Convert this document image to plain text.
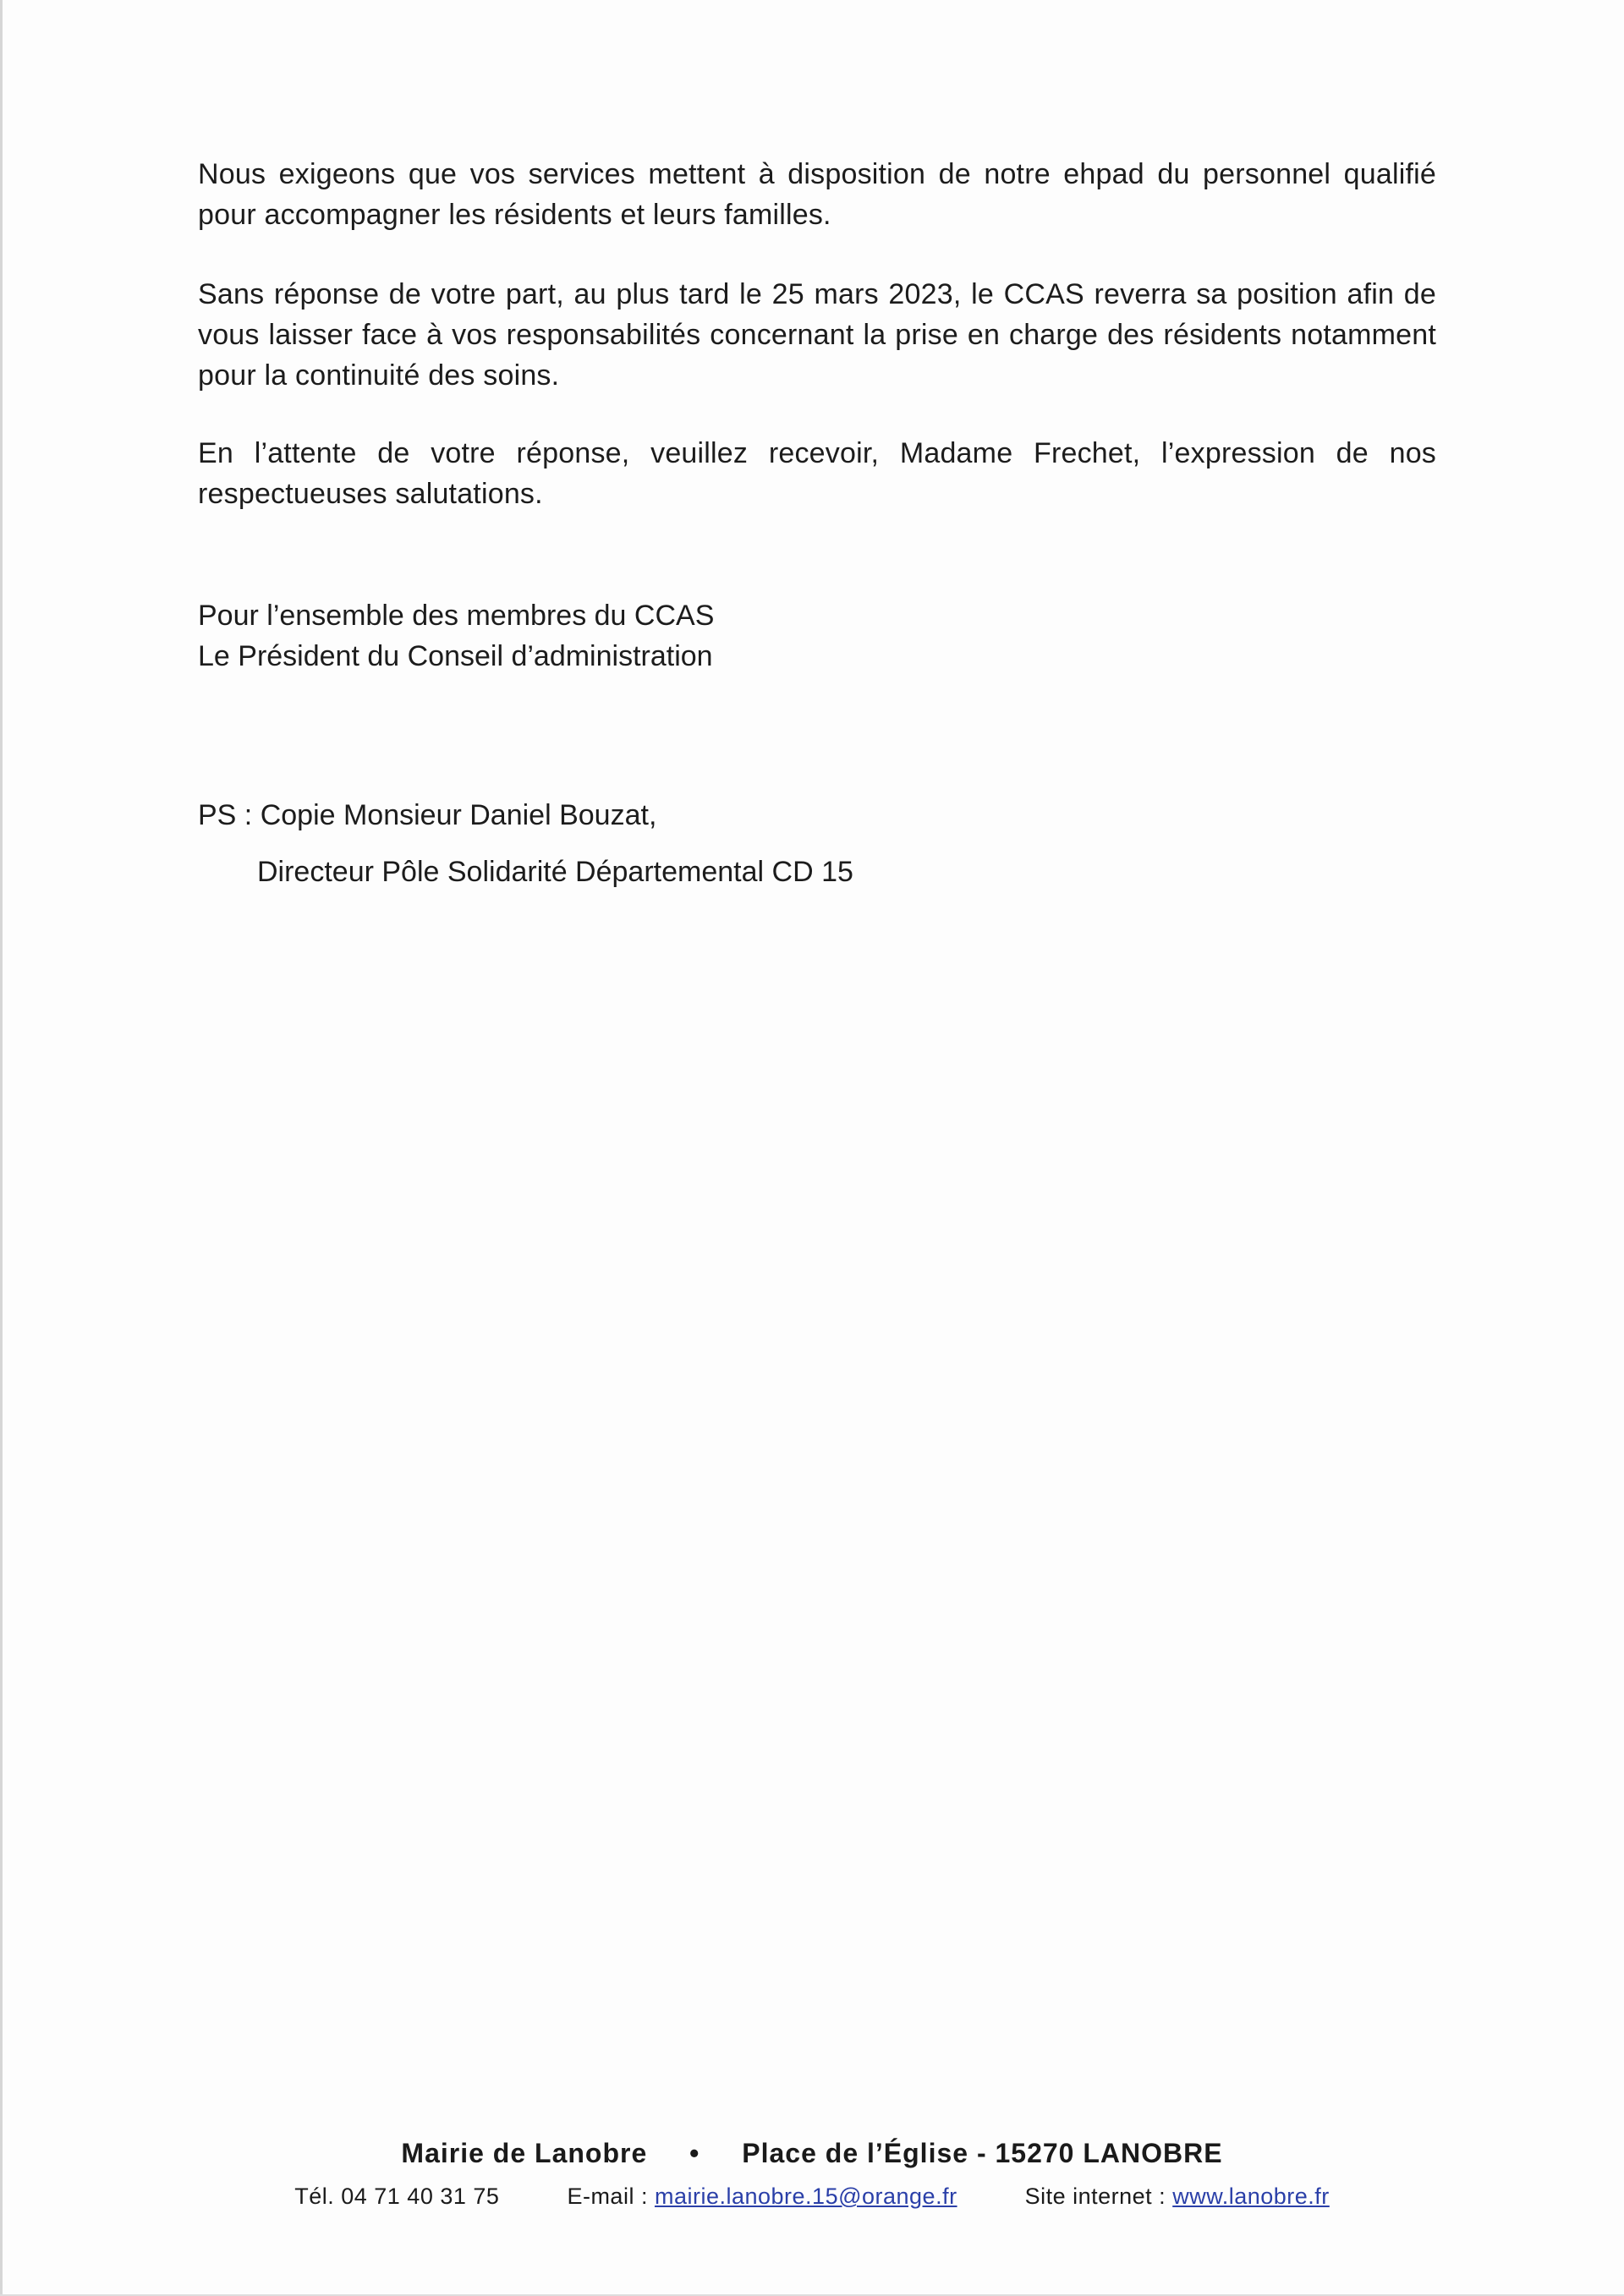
Nous exigeons que vos services mettent à disposition de notre ehpad du personnel qualifié pour accompagner les résidents et leurs familles.

Sans réponse de votre part, au plus tard le 25 mars 2023, le CCAS reverra sa position afin de vous laisser face à vos responsabilités concernant la prise en charge des résidents notamment pour la continuité des soins.

En l’attente de votre réponse, veuillez recevoir, Madame Frechet, l’expression de nos respectueuses salutations.

Pour l’ensemble des membres du CCAS
Le Président du Conseil d’administration
PS : Copie Monsieur Daniel Bouzat,
Directeur Pôle Solidarité Départemental CD 15
Mairie de Lanobre • Place de l’Église - 15270 LANOBRE
Tél. 04 71 40 31 75	E-mail : mairie.lanobre.15@orange.fr	Site internet : www.lanobre.fr
